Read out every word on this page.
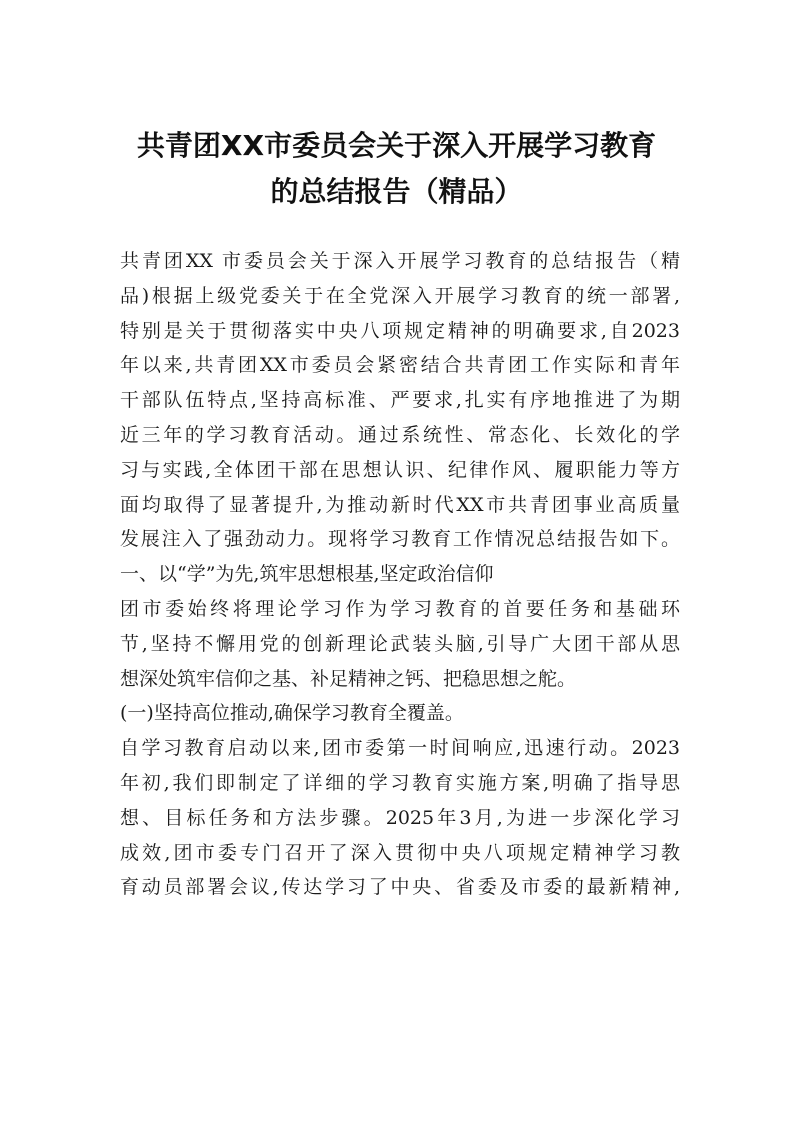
共青团XX市委员会关于深入开展学习教育
的总结报告（精品）
共青团XX 市委员会关于深入开展学习教育的总结报告（精
品)根据上级党委关于在全党深入开展学习教育的统一部署,
特别是关于贯彻落实中央八项规定精神的明确要求,自2023
年以来,共青团XX市委员会紧密结合共青团工作实际和青年
干部队伍特点,坚持高标准、严要求,扎实有序地推进了为期
近三年的学习教育活动。通过系统性、常态化、长效化的学
习与实践,全体团干部在思想认识、纪律作风、履职能力等方
面均取得了显著提升,为推动新时代XX市共青团事业高质量
发展注入了强劲动力。现将学习教育工作情况总结报告如下。
一、以“学”为先,筑牢思想根基,坚定政治信仰
团市委始终将理论学习作为学习教育的首要任务和基础环
节,坚持不懈用党的创新理论武装头脑,引导广大团干部从思
想深处筑牢信仰之基、补足精神之钙、把稳思想之舵。
(一)坚持高位推动,确保学习教育全覆盖。
自学习教育启动以来,团市委第一时间响应,迅速行动。2023
年初,我们即制定了详细的学习教育实施方案,明确了指导思
想、目标任务和方法步骤。2025年3月,为进一步深化学习
成效,团市委专门召开了深入贯彻中央八项规定精神学习教
育动员部署会议,传达学习了中央、省委及市委的最新精神,
